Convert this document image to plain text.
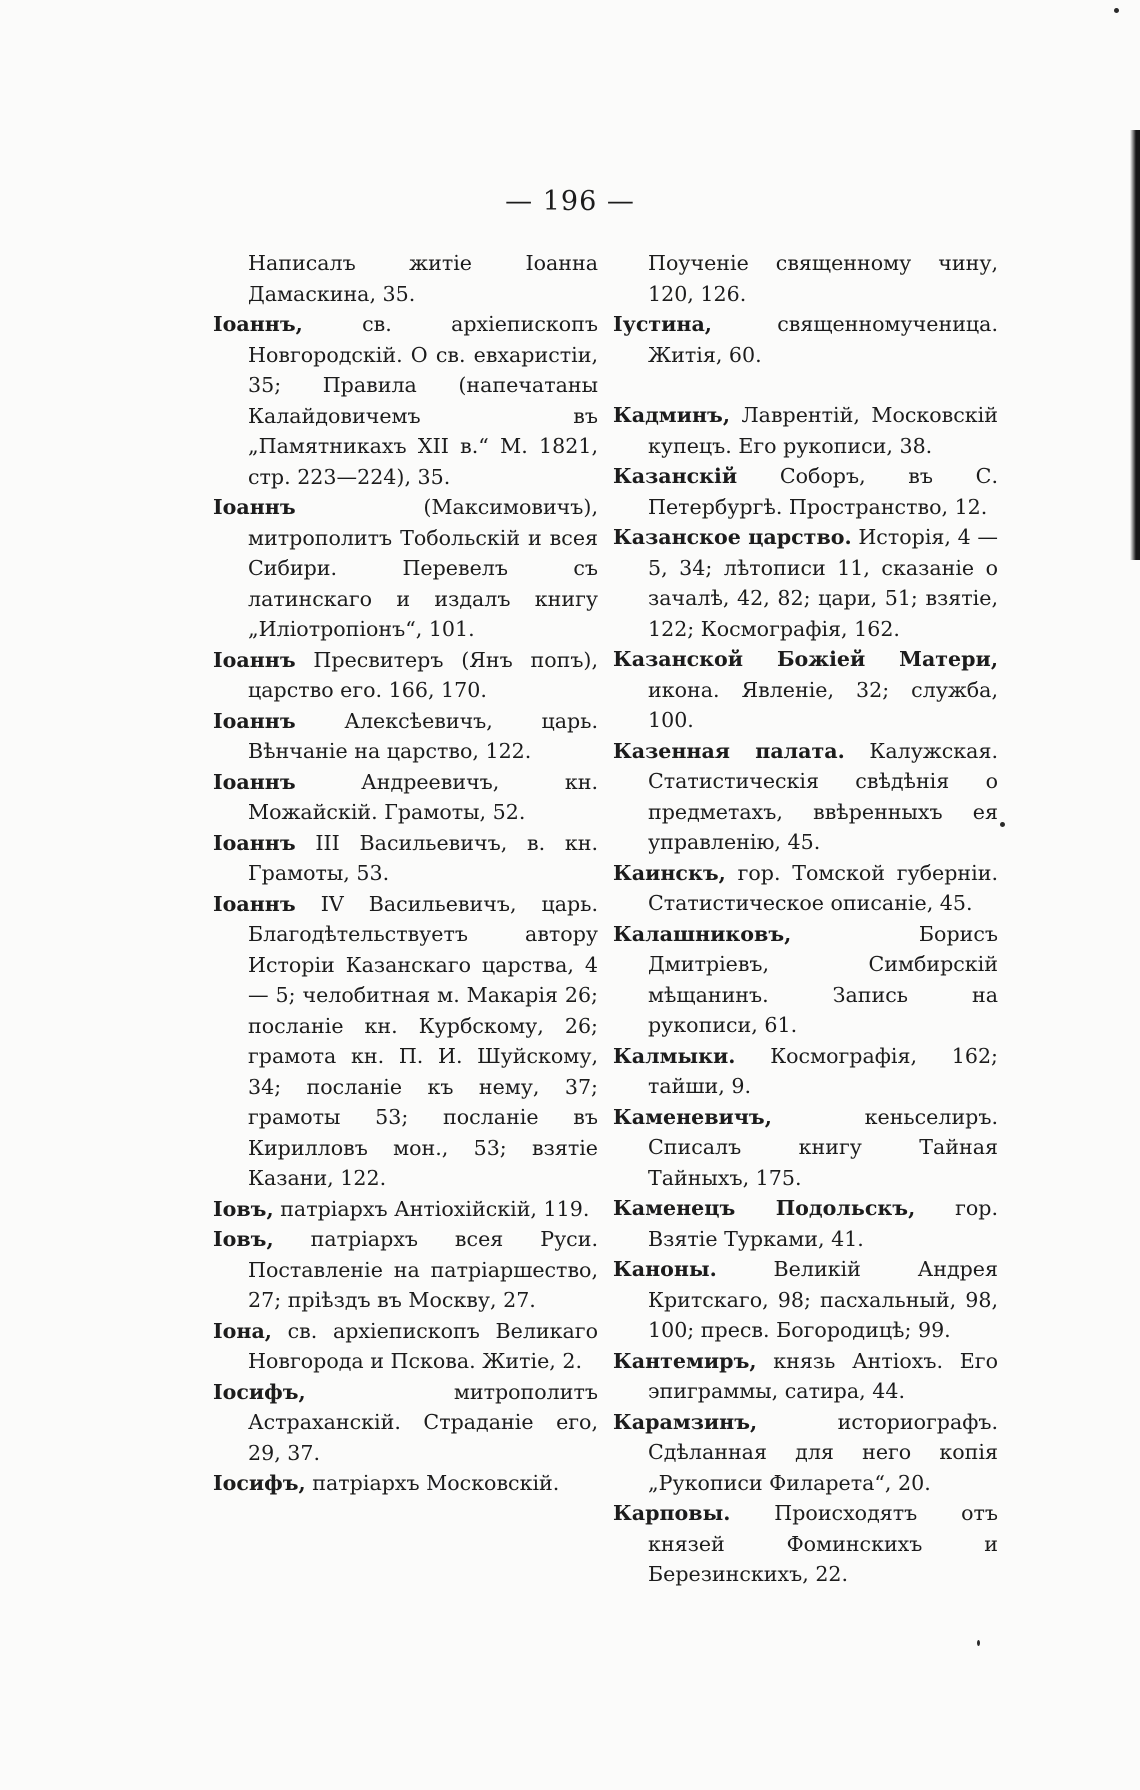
— 196 —

Написалъ житіе Іоанна Дамаскина, 35.

Іоаннъ, св. архіепископъ Новгородскій. О св. евхаристіи, 35; Правила (напечатаны Калайдовичемъ въ „Памятникахъ XII в.“ М. 1821, стр. 223—224), 35.

Іоаннъ (Максимовичъ), митрополитъ Тобольскій и всея Сибири. Перевелъ съ латинскаго и издалъ книгу „Иліотропіонъ“, 101.

Іоаннъ Пресвитеръ (Янъ попъ), царство его. 166, 170.

Іоаннъ Алексѣевичъ, царь. Вѣнчаніе на царство, 122.

Іоаннъ Андреевичъ, кн. Можайскій. Грамоты, 52.

Іоаннъ III Васильевичъ, в. кн. Грамоты, 53.

Іоаннъ IV Васильевичъ, царь. Благодѣтельствуетъ автору Исторіи Казанскаго царства, 4 — 5; челобитная м. Макарія 26; посланіе кн. Курбскому, 26; грамота кн. П. И. Шуйскому, 34; посланіе къ нему, 37; грамоты 53; посланіе въ Кирилловъ мон., 53; взятіе Казани, 122.

Іовъ, патріархъ Антіохійскій, 119.

Іовъ, патріархъ всея Руси. Поставленіе на патріаршество, 27; пріѣздъ въ Москву, 27.

Іона, св. архіепископъ Великаго Новгорода и Пскова. Житіе, 2.

Іосифъ, митрополитъ Астраханскій. Страданіе его, 29, 37.

Іосифъ, патріархъ Московскій.

Поученіе священному чину, 120, 126.

Іустина, священномученица. Житія, 60.

Кадминъ, Лаврентій, Московскій купецъ. Его рукописи, 38.

Казанскій Соборъ, въ С. Петербургѣ. Пространство, 12.

Казанское царство. Исторія, 4 — 5, 34; лѣтописи 11, сказаніе о зачалѣ, 42, 82; цари, 51; взятіе, 122; Космографія, 162.

Казанской Божіей Матери, икона. Явленіе, 32; служба, 100.

Казенная палата. Калужская. Статистическія свѣдѣнія о предметахъ, ввѣренныхъ ея управленію, 45.

Каинскъ, гор. Томской губерніи. Статистическое описаніе, 45.

Калашниковъ, Борисъ Дмитріевъ, Симбирскій мѣщанинъ. Запись на рукописи, 61.

Калмыки. Космографія, 162; тайши, 9.

Каменевичъ, кеньселиръ. Списалъ книгу Тайная Тайныхъ, 175.

Каменецъ Подольскъ, гор. Взятіе Турками, 41.

Каноны. Великій Андрея Критскаго, 98; пасхальный, 98, 100; пресв. Богородицѣ; 99.

Кантемиръ, князь Антіохъ. Его эпиграммы, сатира, 44.

Карамзинъ, историографъ. Сдѣланная для него копія „Рукописи Филарета“, 20.

Карповы. Происходятъ отъ князей Фоминскихъ и Березинскихъ, 22.
